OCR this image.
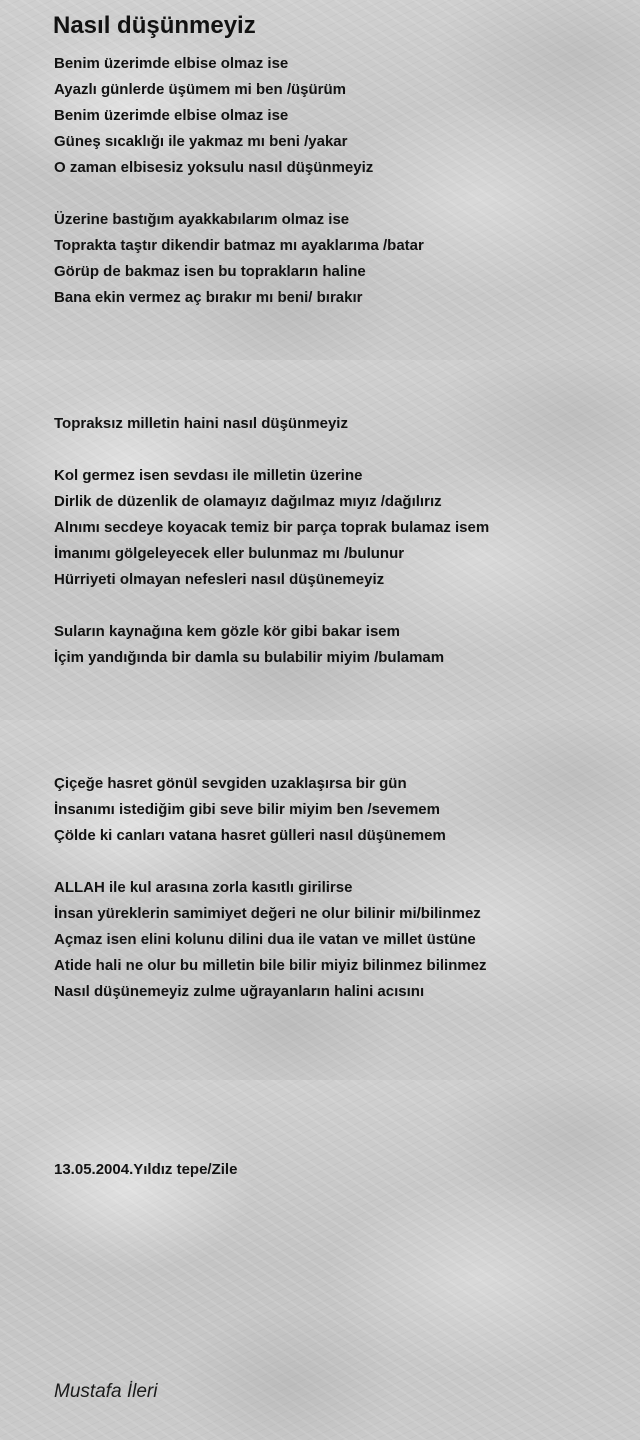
Nasıl düşünmeyiz

Benim üzerimde elbise olmaz ise

Ayazlı günlerde üşümem mi ben /üşürüm

Benim üzerimde elbise olmaz ise

Güneş sıcaklığı ile yakmaz mı beni /yakar

O zaman elbisesiz yoksulu nasıl düşünmeyiz

Üzerine bastığım ayakkabılarım olmaz ise

Toprakta taştır dikendir batmaz mı ayaklarıma /batar

Görüp de bakmaz isen bu toprakların haline

Bana ekin vermez aç bırakır mı beni/ bırakır

Topraksız milletin haini nasıl düşünmeyiz

Kol germez isen sevdası ile milletin üzerine

Dirlik de düzenlik de olamayız dağılmaz mıyız /dağılırız

Alnımı secdeye koyacak temiz bir parça toprak bulamaz isem

İmanımı gölgeleyecek eller bulunmaz mı /bulunur

Hürriyeti olmayan nefesleri nasıl düşünemeyiz

Suların kaynağına kem gözle kör gibi bakar isem

İçim yandığında bir damla su bulabilir miyim /bulamam

Çiçeğe hasret gönül sevgiden uzaklaşırsa bir gün

İnsanımı istediğim gibi seve bilir miyim ben /sevemem

Çölde ki canları vatana hasret gülleri nasıl düşünemem

ALLAH ile kul arasına zorla kasıtlı girilirse

İnsan yüreklerin samimiyet değeri ne olur bilinir mi/bilinmez

Açmaz isen elini kolunu dilini dua ile vatan ve millet üstüne

Atide hali ne olur bu milletin bile bilir miyiz bilinmez bilinmez

Nasıl düşünemeyiz zulme uğrayanların halini acısını

13.05.2004.Yıldız tepe/Zile

Mustafa İleri
